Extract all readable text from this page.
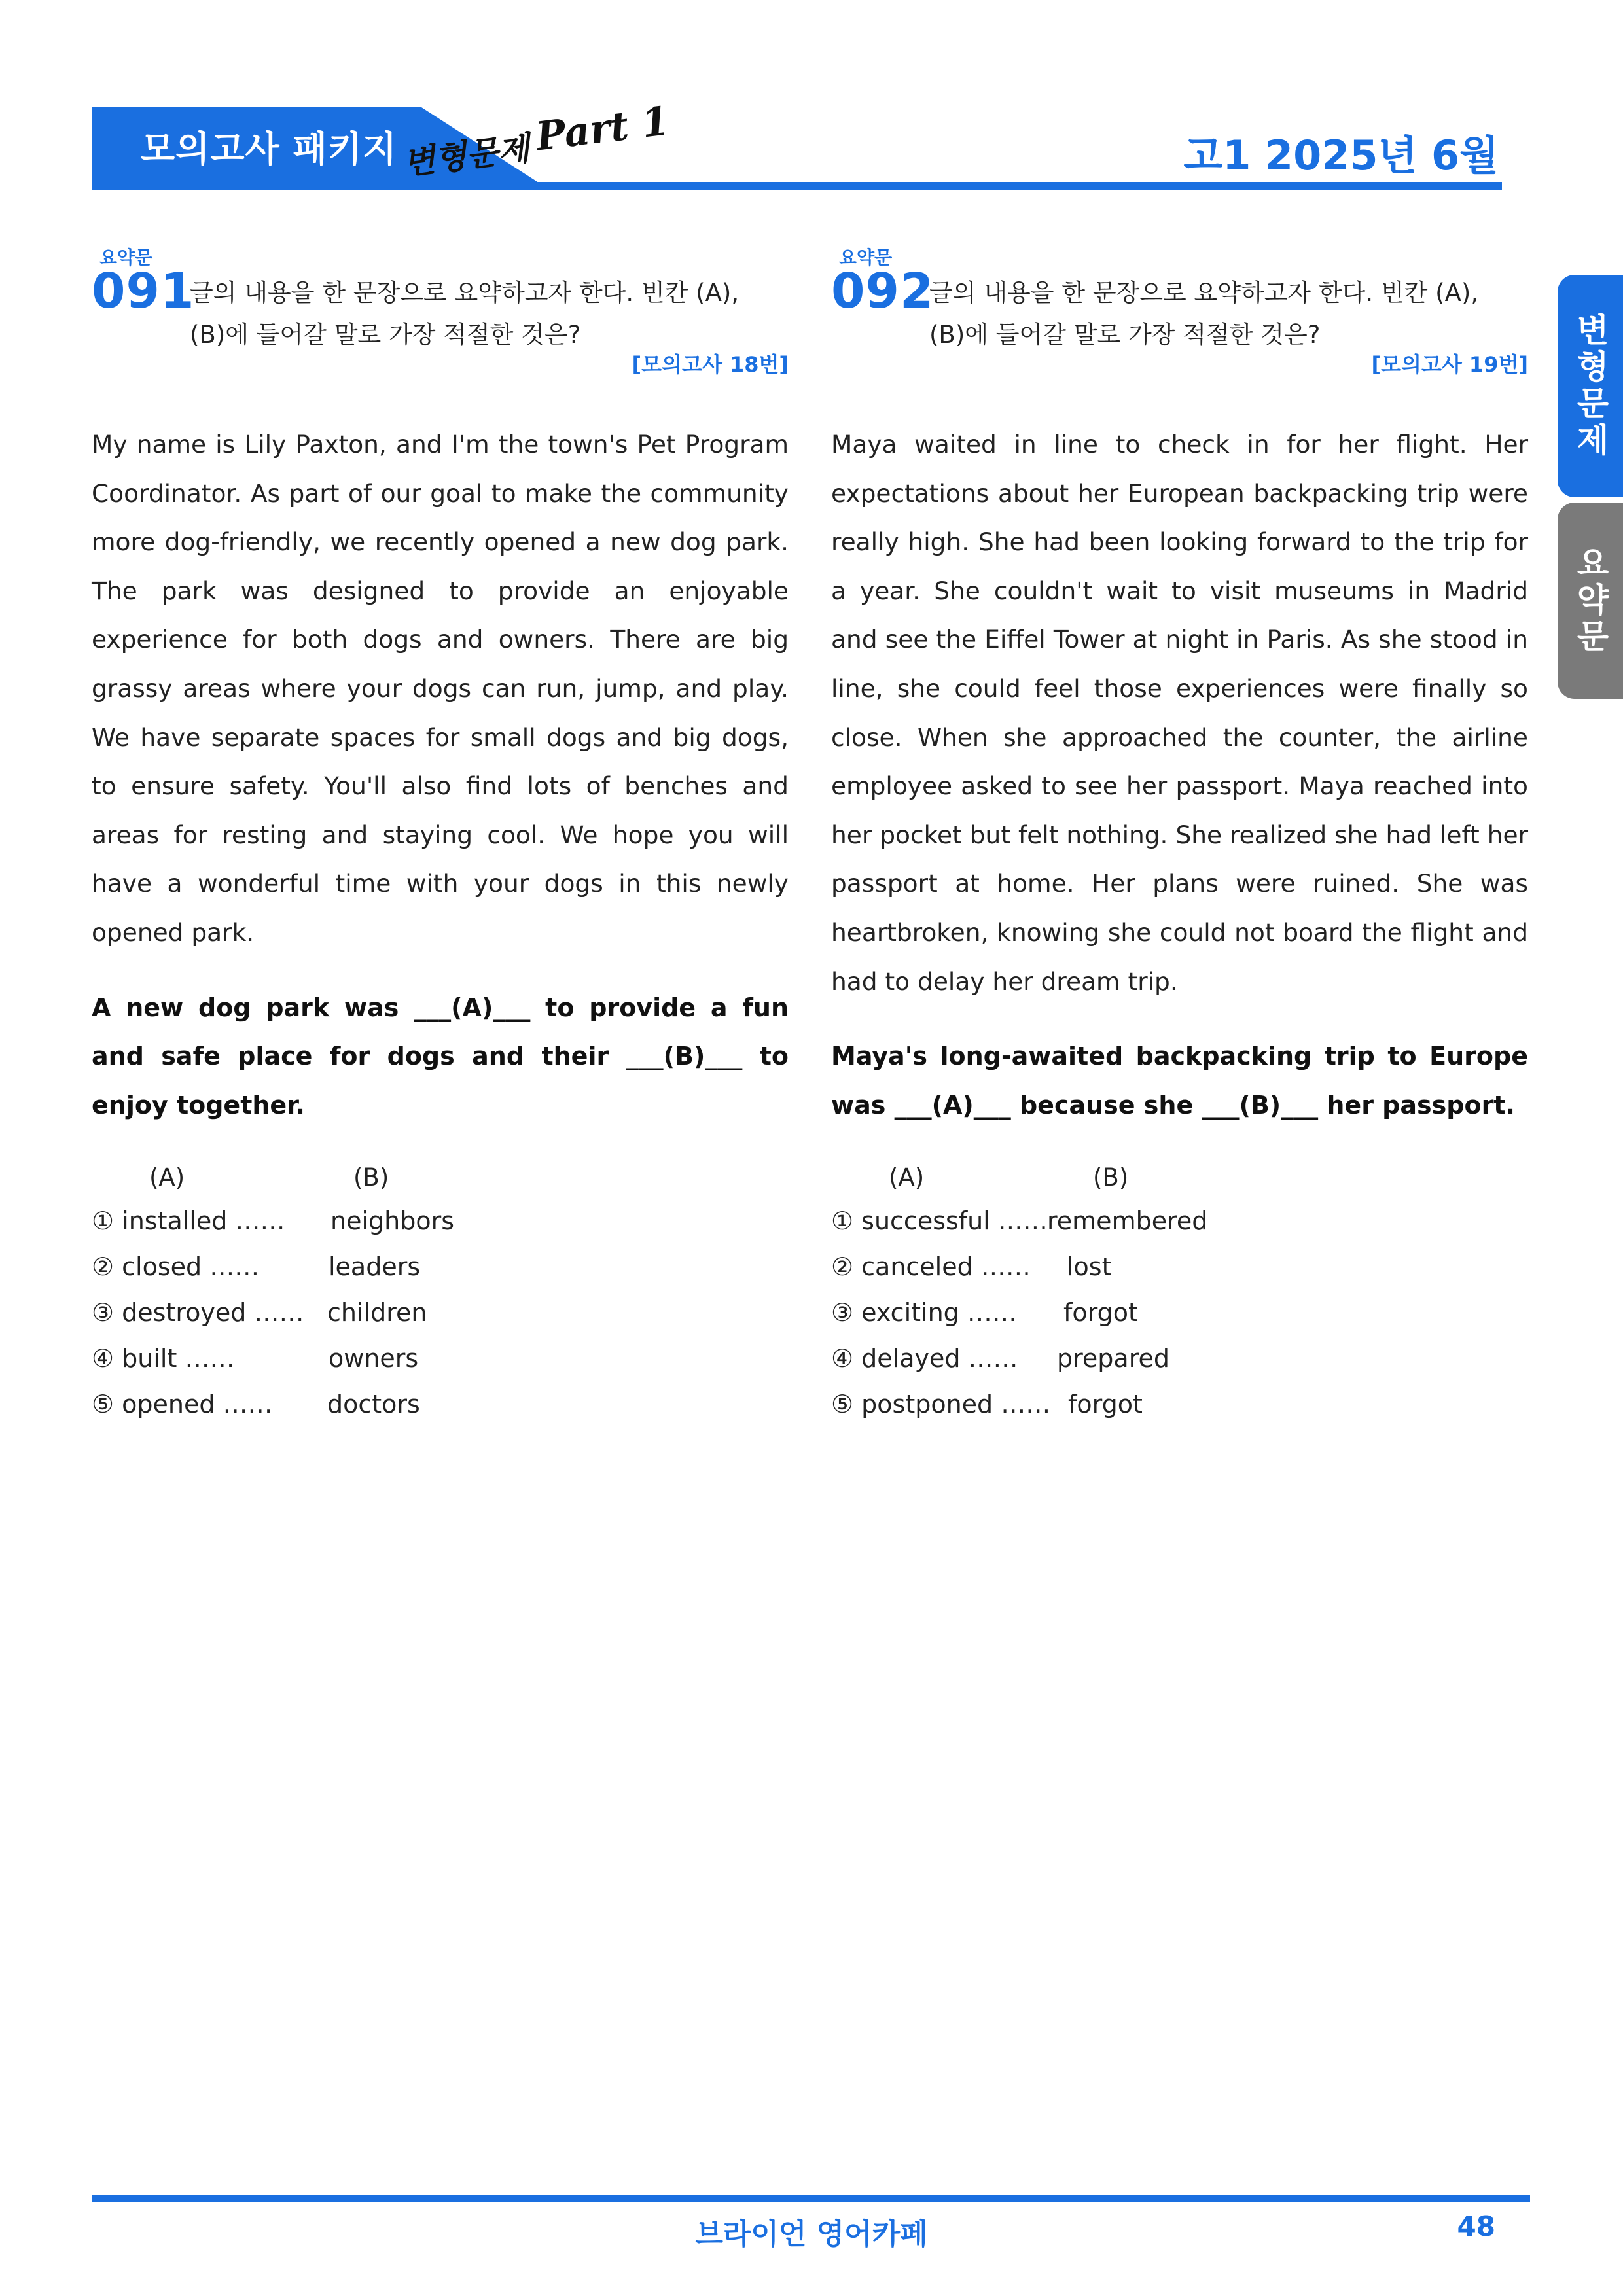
모의고사 패키지 변형문제 Part 1	고1 2025년 6월
변형문제
요약문
요약문
091
글의 내용을 한 문장으로 요약하고자 한다. 빈칸 (A),
(B)에 들어갈 말로 가장 적절한 것은?
[모의고사 18번]
My name is Lily Paxton, and I'm the town's Pet Program Coordinator. As part of our goal to make the community more dog-friendly, we recently opened a new dog park. The park was designed to provide an enjoyable experience for both dogs and owners. There are big grassy areas where your dogs can run, jump, and play. We have separate spaces for small dogs and big dogs, to ensure safety. You'll also find lots of benches and areas for resting and staying cool. We hope you will have a wonderful time with your dogs in this newly opened park.
A new dog park was ___(A)___ to provide a fun and safe place for dogs and their ___(B)___ to enjoy together.
(A)	(B)
① installed …… neighbors
② closed ……	leaders
③ destroyed …… children
④ built ……	owners
⑤ opened …… doctors
요약문
092
글의 내용을 한 문장으로 요약하고자 한다. 빈칸 (A),
(B)에 들어갈 말로 가장 적절한 것은?
[모의고사 19번]
Maya waited in line to check in for her flight. Her expectations about her European backpacking trip were really high. She had been looking forward to the trip for a year. She couldn't wait to visit museums in Madrid and see the Eiffel Tower at night in Paris. As she stood in line, she could feel those experiences were finally so close. When she approached the counter, the airline employee asked to see her passport. Maya reached into her pocket but felt nothing. She realized she had left her passport at home. Her plans were ruined. She was heartbroken, knowing she could not board the flight and had to delay her dream trip.
Maya's long-awaited backpacking trip to Europe was ___(A)___ because she ___(B)___ her passport.
(A)	(B)
① successful …… remembered
② canceled …… lost
③ exciting …… forgot
④ delayed …… prepared
⑤ postponed …… forgot
브라이언 영어카페	48
